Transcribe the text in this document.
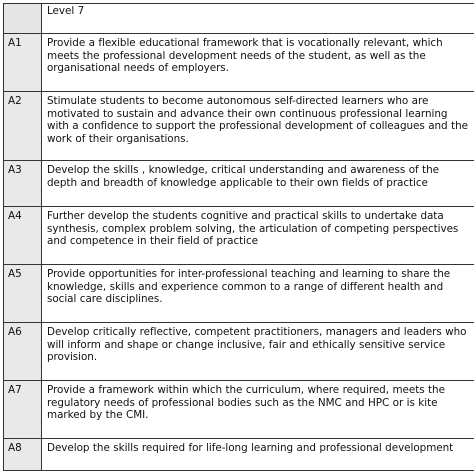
	Level 7
A1	Provide a flexible educational framework that is vocationally relevant, which meets the professional development needs of the student, as well as the organisational needs of employers.
A2	Stimulate students to become autonomous self-directed learners who are motivated to sustain and advance their own continuous professional learning with a confidence to support the professional development of colleagues and the work of their organisations.
A3	Develop the skills , knowledge, critical understanding and awareness of the depth and breadth of knowledge applicable to their own fields of practice
A4	Further develop the students cognitive and practical skills to undertake data synthesis, complex problem solving, the articulation of competing perspectives and competence in their field of practice
A5	Provide opportunities for inter-professional teaching and learning to share the knowledge, skills and experience common to a range of different health and social care disciplines.
A6	Develop critically reflective, competent practitioners, managers and leaders who will inform and shape or change inclusive, fair and ethically sensitive service provision.
A7	Provide a framework within which the curriculum, where required, meets the regulatory needs of professional bodies such as the NMC and HPC or is kite marked by the CMI.
A8	Develop the skills required for life-long learning and professional development
